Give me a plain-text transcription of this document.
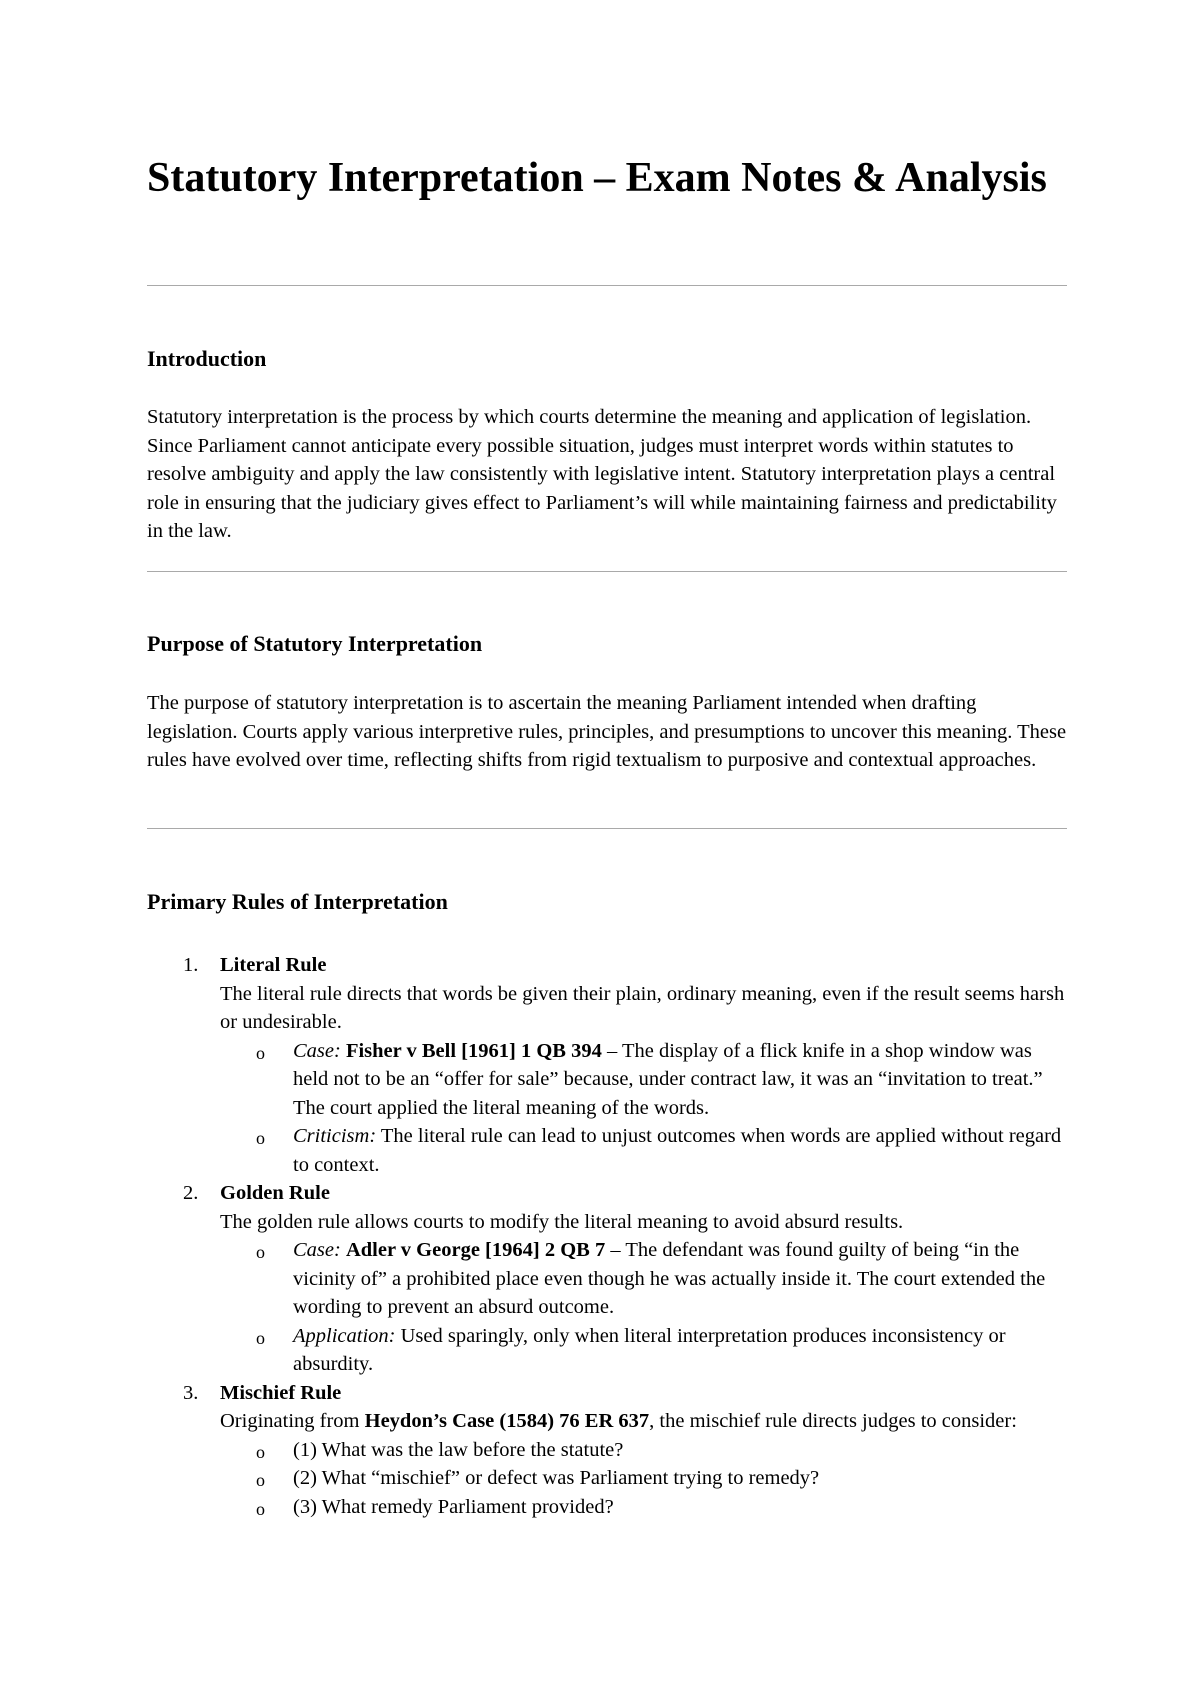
Statutory Interpretation – Exam Notes & Analysis
Introduction

Statutory interpretation is the process by which courts determine the meaning and application of legislation. Since Parliament cannot anticipate every possible situation, judges must interpret words within statutes to resolve ambiguity and apply the law consistently with legislative intent. Statutory interpretation plays a central role in ensuring that the judiciary gives effect to Parliament’s will while maintaining fairness and predictability in the law.

Purpose of Statutory Interpretation

The purpose of statutory interpretation is to ascertain the meaning Parliament intended when drafting legislation. Courts apply various interpretive rules, principles, and presumptions to uncover this meaning. These rules have evolved over time, reflecting shifts from rigid textualism to purposive and contextual approaches.

Primary Rules of Interpretation
1. Literal Rule
The literal rule directs that words be given their plain, ordinary meaning, even if the result seems harsh or undesirable.
o Case: Fisher v Bell [1961] 1 QB 394 – The display of a flick knife in a shop window was held not to be an “offer for sale” because, under contract law, it was an “invitation to treat.” The court applied the literal meaning of the words.
o Criticism: The literal rule can lead to unjust outcomes when words are applied without regard to context.
2. Golden Rule
The golden rule allows courts to modify the literal meaning to avoid absurd results.
o Case: Adler v George [1964] 2 QB 7 – The defendant was found guilty of being “in the vicinity of” a prohibited place even though he was actually inside it. The court extended the wording to prevent an absurd outcome.
o Application: Used sparingly, only when literal interpretation produces inconsistency or absurdity.
3. Mischief Rule
Originating from Heydon’s Case (1584) 76 ER 637, the mischief rule directs judges to consider:
o (1) What was the law before the statute?
o (2) What “mischief” or defect was Parliament trying to remedy?
o (3) What remedy Parliament provided?
